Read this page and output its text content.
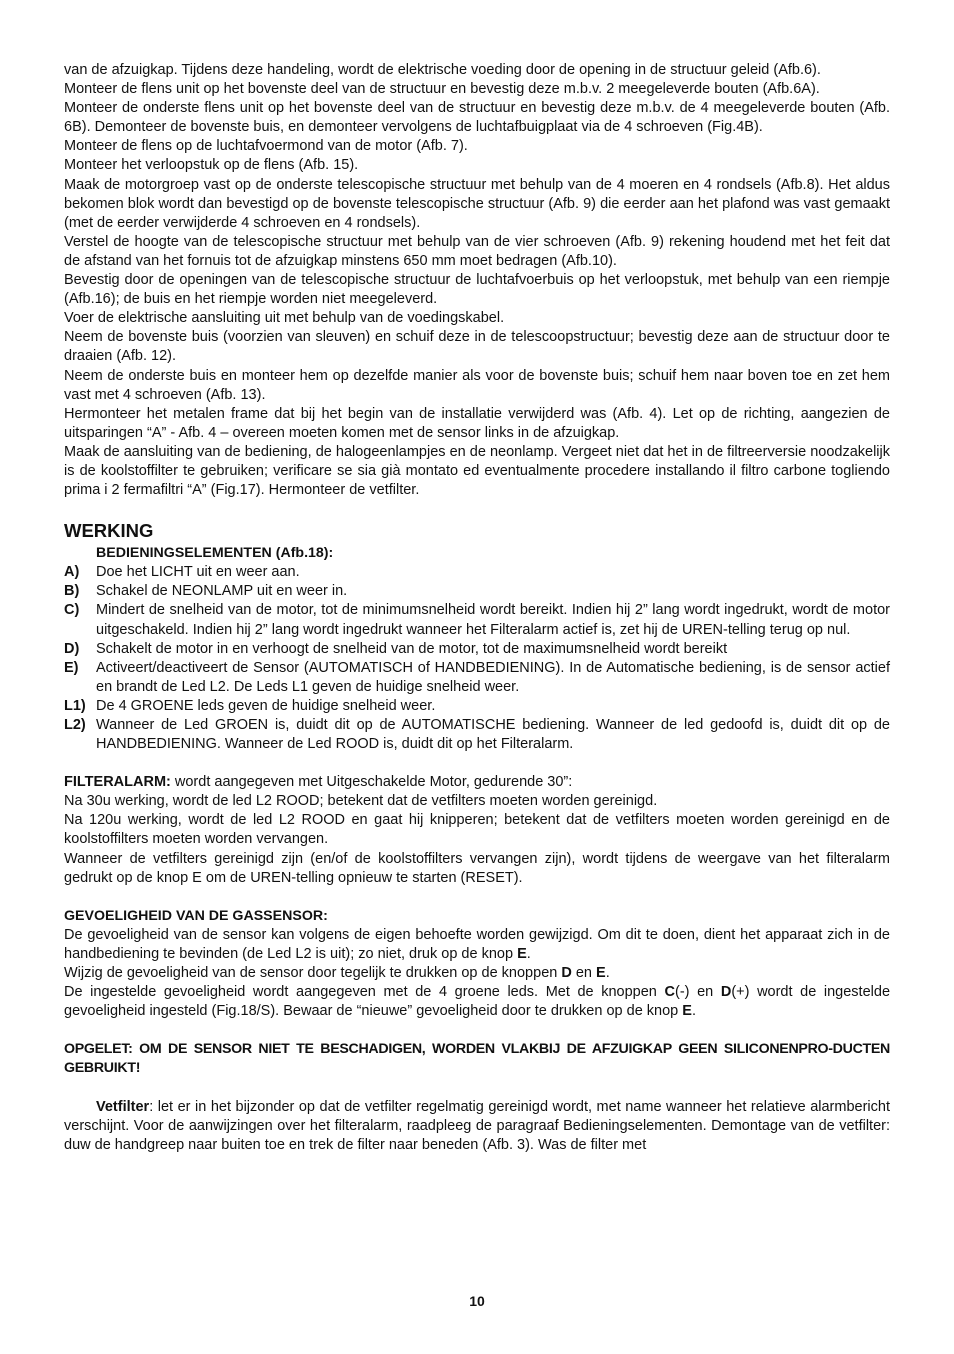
van de afzuigkap. Tijdens deze handeling, wordt de elektrische voeding door de opening in de structuur geleid (Afb.6).

Monteer de flens unit op het bovenste deel van de structuur en bevestig deze m.b.v. 2 meegeleverde bouten (Afb.6A).

Monteer de onderste flens unit op het bovenste deel van de structuur en bevestig deze m.b.v. de 4 meegeleverde bouten (Afb. 6B). Demonteer de bovenste buis, en demonteer vervolgens de luchtafbuigplaat via de 4 schroeven (Fig.4B).

Monteer de flens op de luchtafvoermond van de motor (Afb. 7).

Monteer het verloopstuk op de flens (Afb. 15).

Maak de motorgroep vast op de onderste telescopische structuur met behulp van de 4 moeren en 4 rondsels (Afb.8). Het aldus bekomen blok wordt dan bevestigd op de bovenste telescopische structuur (Afb. 9) die eerder aan het plafond was vast gemaakt (met de eerder verwijderde 4 schroeven en 4 rondsels).

Verstel de hoogte van de telescopische structuur met behulp van de vier schroeven (Afb. 9) rekening houdend met het feit dat de afstand van het fornuis tot de afzuigkap minstens 650 mm moet bedragen (Afb.10).

Bevestig door de openingen van de telescopische structuur de luchtafvoerbuis op het verloopstuk, met behulp van een riempje (Afb.16); de buis en het riempje worden niet meegeleverd.

Voer de elektrische aansluiting uit met behulp van de voedingskabel.

Neem de bovenste buis (voorzien van sleuven) en schuif deze in de telescoopstructuur; bevestig deze aan de structuur door te draaien (Afb. 12).

Neem de onderste buis en monteer hem op dezelfde manier als voor de bovenste buis; schuif hem naar boven toe en zet hem vast met 4 schroeven (Afb. 13).

Hermonteer het metalen frame dat bij het begin van de installatie verwijderd was (Afb. 4). Let op de richting, aangezien de uitsparingen “A” - Afb. 4 – overeen moeten komen met de sensor links in de afzuigkap.

Maak de aansluiting van de bediening, de halogeenlampjes en de neonlamp. Vergeet niet dat het in de filtreerversie noodzakelijk is de koolstoffilter te gebruiken; verificare se sia già montato ed eventualmente procedere installando il filtro carbone togliendo prima i 2 fermafiltri “A” (Fig.17). Hermonteer de vetfilter.

WERKING
BEDIENINGSELEMENTEN (Afb.18):
A)	Doe het LICHT uit en weer aan.
B)	Schakel de NEONLAMP uit en weer in.
C)	Mindert de snelheid van de motor, tot de minimumsnelheid wordt bereikt. Indien hij 2” lang wordt ingedrukt, wordt de motor uitgeschakeld. Indien hij 2” lang wordt ingedrukt wanneer het Filteralarm actief is, zet hij de UREN-telling terug op nul.
D)	Schakelt de motor in en verhoogt de snelheid van de motor, tot de maximumsnelheid wordt bereikt
E)	Activeert/deactiveert de Sensor (AUTOMATISCH of HANDBEDIENING). In de Automatische bediening, is de sensor actief en brandt de Led L2. De Leds L1 geven de huidige snelheid weer.
L1) De 4 GROENE leds geven de huidige snelheid weer.
L2) Wanneer de Led GROEN is, duidt dit op de AUTOMATISCHE bediening. Wanneer de led gedoofd is, duidt dit op de HANDBEDIENING. Wanneer de Led ROOD is, duidt dit op het Filteralarm.

FILTERALARM: wordt aangegeven met Uitgeschakelde Motor, gedurende 30”:

Na 30u werking, wordt de led L2 ROOD; betekent dat de vetfilters moeten worden gereinigd.

Na 120u werking, wordt de led L2 ROOD en gaat hij knipperen; betekent dat de vetfilters moeten worden gereinigd en de koolstoffilters moeten worden vervangen.

Wanneer de vetfilters gereinigd zijn (en/of de koolstoffilters vervangen zijn), wordt tijdens de weergave van het filteralarm gedrukt op de knop E om de UREN-telling opnieuw te starten (RESET).

GEVOELIGHEID VAN DE GASSENSOR:

De gevoeligheid van de sensor kan volgens de eigen behoefte worden gewijzigd. Om dit te doen, dient het apparaat zich in de handbediening te bevinden (de Led L2 is uit); zo niet, druk op de knop E.

Wijzig de gevoeligheid van de sensor door tegelijk te drukken op de knoppen D en E.

De ingestelde gevoeligheid wordt aangegeven met de 4 groene leds. Met de knoppen C(-) en D(+) wordt de ingestelde gevoeligheid ingesteld (Fig.18/S). Bewaar de “nieuwe” gevoeligheid door te drukken op de knop E.

OPGELET: OM DE SENSOR NIET TE BESCHADIGEN, WORDEN VLAKBIJ DE AFZUIGKAP GEEN SILICONENPRO-DUCTEN GEBRUIKT!

Vetfilter: let er in het bijzonder op dat de vetfilter regelmatig gereinigd wordt, met name wanneer het relatieve alarmbericht verschijnt. Voor de aanwijzingen over het filteralarm, raadpleeg de paragraaf Bedieningselementen. Demontage van de vetfilter: duw de handgreep naar buiten toe en trek de filter naar beneden (Afb. 3). Was de filter met

10
